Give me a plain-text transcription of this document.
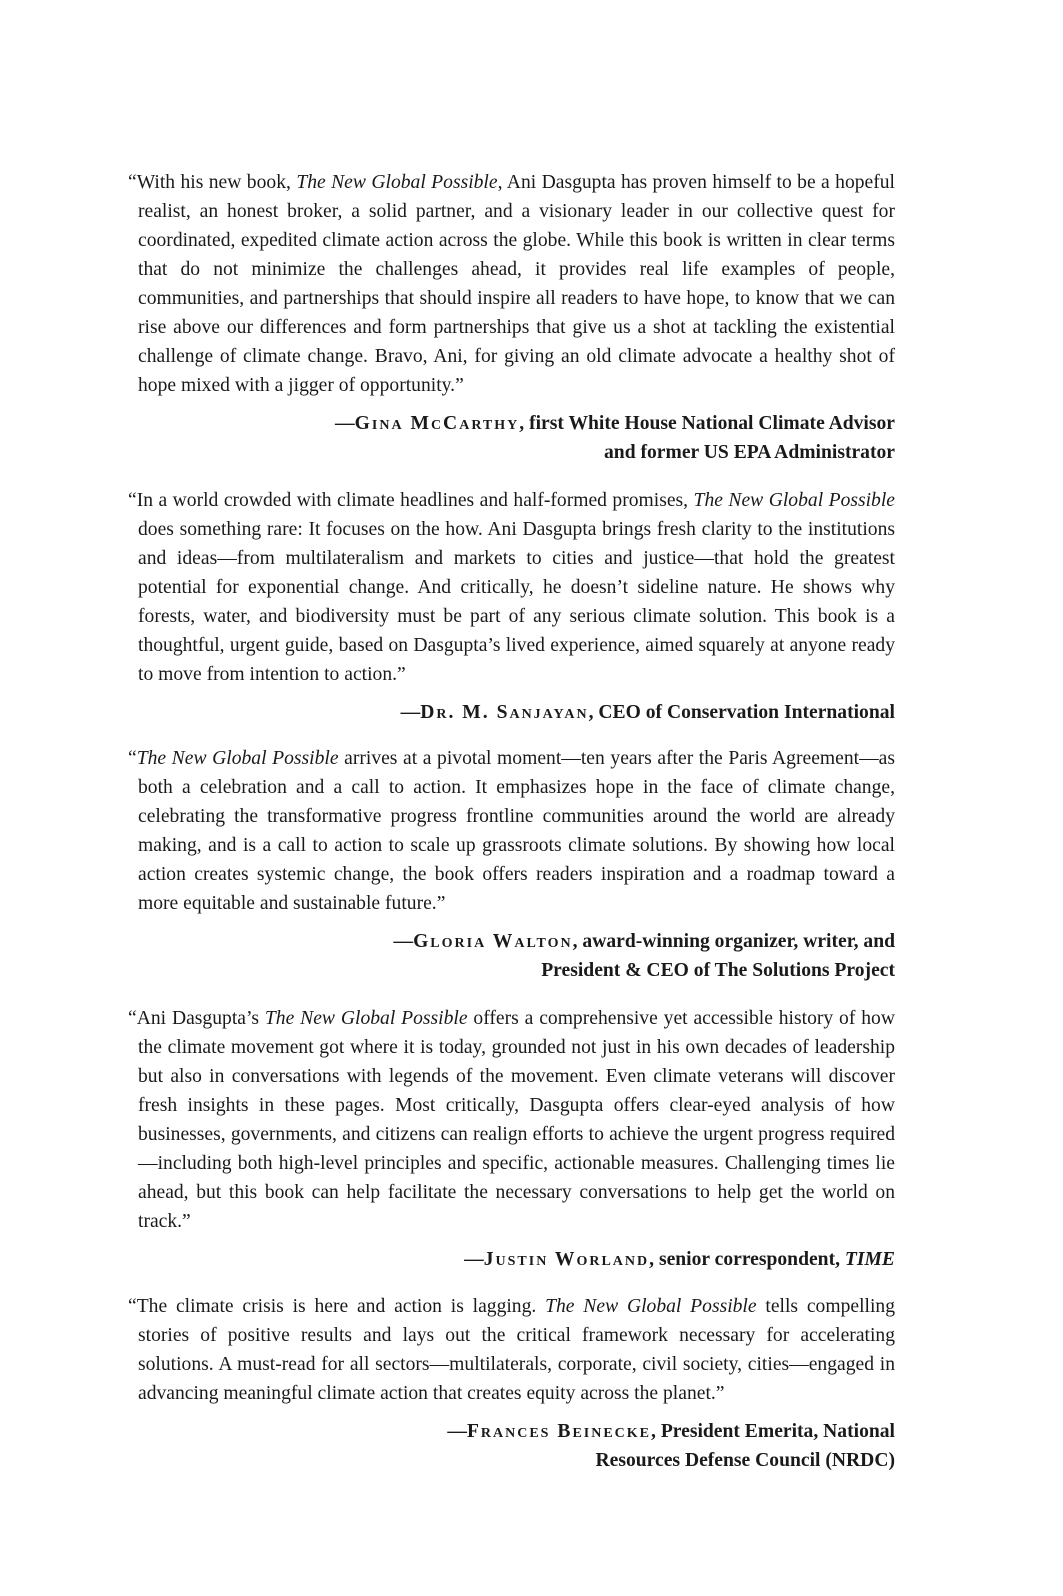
“With his new book, The New Global Possible, Ani Dasgupta has proven himself to be a hopeful realist, an honest broker, a solid partner, and a visionary leader in our collective quest for coordinated, expedited climate action across the globe. While this book is written in clear terms that do not minimize the challenges ahead, it provides real life examples of people, communities, and partnerships that should inspire all readers to have hope, to know that we can rise above our differences and form partnerships that give us a shot at tackling the existential challenge of climate change. Bravo, Ani, for giving an old climate advocate a healthy shot of hope mixed with a jigger of opportunity.”

—Gina McCarthy, first White House National Climate Advisor
and former US EPA Administrator

“In a world crowded with climate headlines and half-formed promises, The New Global Possible does something rare: It focuses on the how. Ani Dasgupta brings fresh clarity to the institutions and ideas—from multilateralism and markets to cities and justice—that hold the greatest potential for exponential change. And critically, he doesn’t sideline nature. He shows why forests, water, and biodiversity must be part of any serious climate solution. This book is a thoughtful, urgent guide, based on Dasgupta’s lived experience, aimed squarely at anyone ready to move from intention to action.”

—Dr. M. Sanjayan, CEO of Conservation International

“The New Global Possible arrives at a pivotal moment—ten years after the Paris Agreement—as both a celebration and a call to action. It emphasizes hope in the face of climate change, celebrating the transformative progress frontline communities around the world are already making, and is a call to action to scale up grassroots climate solutions. By showing how local action creates systemic change, the book offers readers inspiration and a roadmap toward a more equitable and sustainable future.”

—Gloria Walton, award-winning organizer, writer, and
President & CEO of The Solutions Project

“Ani Dasgupta’s The New Global Possible offers a comprehensive yet accessible history of how the climate movement got where it is today, grounded not just in his own decades of leadership but also in conversations with legends of the movement. Even climate veterans will discover fresh insights in these pages. Most critically, Dasgupta offers clear-eyed analysis of how businesses, governments, and citizens can realign efforts to achieve the urgent progress required—including both high-level principles and specific, actionable measures. Challenging times lie ahead, but this book can help facilitate the necessary conversations to help get the world on track.”

—Justin Worland, senior correspondent, TIME

“The climate crisis is here and action is lagging. The New Global Possible tells compelling stories of positive results and lays out the critical framework necessary for accelerating solutions. A must-read for all sectors—multilaterals, corporate, civil society, cities—engaged in advancing meaningful climate action that creates equity across the planet.”

—Frances Beinecke, President Emerita, National
Resources Defense Council (NRDC)
